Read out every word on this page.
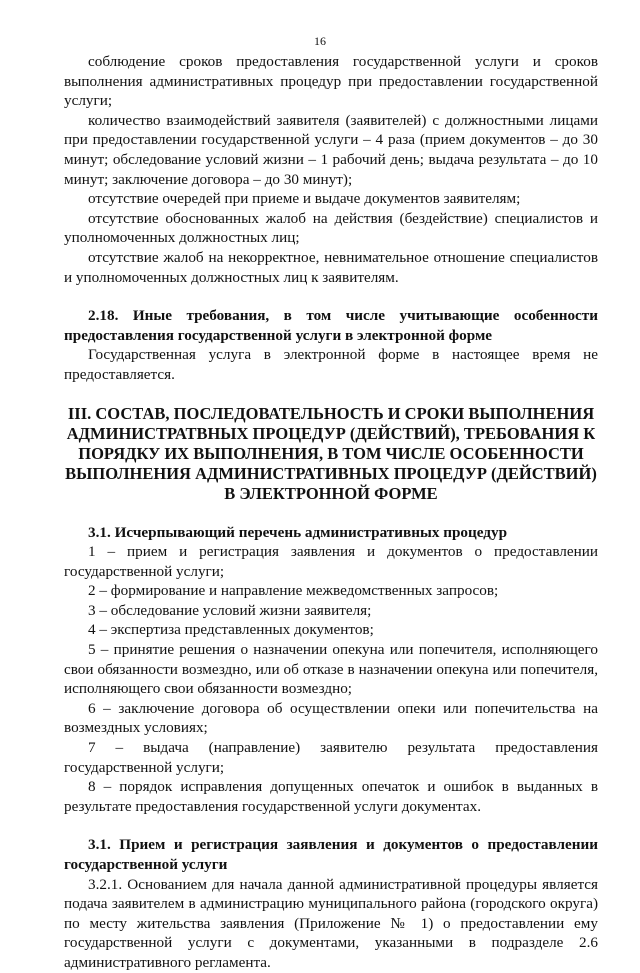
16

соблюдение сроков предоставления государственной услуги и сроков выполнения административных процедур при предоставлении государственной услуги;

количество взаимодействий заявителя (заявителей) с должностными лицами при предоставлении государственной услуги – 4 раза (прием документов – до 30 минут; обследование условий жизни – 1 рабочий день; выдача результата – до 10 минут; заключение договора – до 30 минут);

отсутствие очередей при приеме и выдаче документов заявителям;

отсутствие обоснованных жалоб на действия (бездействие) специалистов и уполномоченных должностных лиц;

отсутствие жалоб на некорректное, невнимательное отношение специалистов и уполномоченных должностных лиц к заявителям.

2.18. Иные требования, в том числе учитывающие особенности предоставления государственной услуги в электронной форме

Государственная услуга в электронной форме в настоящее время не предоставляется.

III. СОСТАВ, ПОСЛЕДОВАТЕЛЬНОСТЬ И СРОКИ ВЫПОЛНЕНИЯ АДМИНИСТРАТВНЫХ ПРОЦЕДУР (ДЕЙСТВИЙ), ТРЕБОВАНИЯ К ПОРЯДКУ ИХ ВЫПОЛНЕНИЯ, В ТОМ ЧИСЛЕ ОСОБЕННОСТИ ВЫПОЛНЕНИЯ АДМИНИСТРАТИВНЫХ ПРОЦЕДУР (ДЕЙСТВИЙ) В ЭЛЕКТРОННОЙ ФОРМЕ

3.1. Исчерпывающий перечень административных процедур

1 – прием и регистрация заявления и документов о предоставлении государственной услуги;

2 – формирование и направление межведомственных запросов;

3 – обследование условий жизни заявителя;

4 – экспертиза представленных документов;

5 – принятие решения о назначении опекуна или попечителя, исполняющего свои обязанности возмездно, или об отказе в назначении опекуна или попечителя, исполняющего свои обязанности возмездно;

6 – заключение договора об осуществлении опеки или попечительства на возмездных условиях;

7 – выдача (направление) заявителю результата предоставления государственной услуги;

8 – порядок исправления допущенных опечаток и ошибок в выданных в результате предоставления государственной услуги документах.

3.1. Прием и регистрация заявления и документов о предоставлении государственной услуги

3.2.1. Основанием для начала данной административной процедуры является подача заявителем в администрацию муниципального района (городского округа) по месту жительства заявления (Приложение № 1) о предоставлении ему государственной услуги с документами, указанными в подразделе 2.6 административного регламента.
